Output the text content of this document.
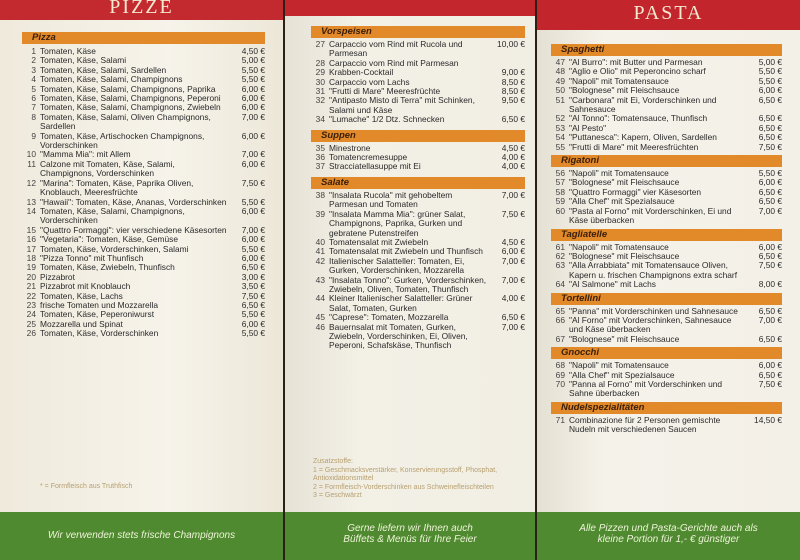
PIZZE
Pizza
1 Tomaten, Käse	4,50 €
2 Tomaten, Käse, Salami	5,00 €
3 Tomaten, Käse, Salami, Sardellen	5,50 €
4 Tomaten, Käse, Salami, Champignons	5,50 €
5 Tomaten, Käse, Salami, Champignons, Paprika	6,00 €
6 Tomaten, Käse, Salami, Champignons, Peperoni	6,00 €
7 Tomaten, Käse, Salami, Champignons, Zwiebeln	6,00 €
8 Tomaten, Käse, Salami, Oliven Champignons, Sardellen
7,00 €
9 Tomaten, Käse, Artischocken Champignons, Vorderschinken
6,00 €
10 "Mamma Mia": mit Allem	7,00 €
11 Calzone mit Tomaten, Käse, Salami, Champignons, Vorderschinken
6,00 €
12 "Marina": Tomaten, Käse, Paprika Oliven, Knoblauch, Meeresfrüchte
7,50 €
13 "Hawaii": Tomaten, Käse, Ananas, Vorderschinken	5,50 €
14 Tomaten, Käse, Salami, Champignons, Vorderschinken
6,00 €
15 "Quattro Formaggi": vier verschiedene Käsesorten	7,00 €
16 "Vegetaria": Tomaten, Käse, Gemüse	6,00 €
17 Tomaten, Käse, Vorderschinken, Salami	5,50 €
18 "Pizza Tonno" mit Thunfisch	6,00 €
19 Tomaten, Käse, Zwiebeln, Thunfisch	6,50 €
20 Pizzabrot	3,00 €
21 Pizzabrot mit Knoblauch	3,50 €
22 Tomaten, Käse, Lachs	7,50 €
23 frische Tomaten und Mozzarella	6,50 €
24 Tomaten, Käse, Peperoniwurst	5,50 €
25 Mozzarella und Spinat	6,00 €
26 Tomaten, Käse, Vorderschinken	5,50 €
* = Formfleisch aus Truthfisch
Wir verwenden stets frische Champignons
Vorspeisen
27 Carpaccio vom Rind mit Rucola und Parmesan
10,00 €
28 Carpaccio vom Rind mit Parmesan
29 Krabben-Cocktail	9,00 €
30 Carpaccio vom Lachs	8,50 €
31 "Frutti di Mare" Meeresfrüchte	8,50 €
32 "Antipasto Misto di Terra" mit Schinken, Salami und Käse
9,50 €
34 "Lumache" 1/2 Dtz. Schnecken	6,50 €
Suppen
35 Minestrone	4,50 €
36 Tomatencremesuppe	4,00 €
37 Stracciatellasuppe mit Ei	4,00 €
Salate
38 "Insalata Rucola" mit gehobeltem Parmesan und Tomaten
7,00 €
39 "Insalata Mamma Mia": grüner Salat, Champignons, Paprika, Gurken und gebratene Putenstreifen
7,50 €
40 Tomatensalat mit Zwiebeln	4,50 €
41 Tomatensalat mit Zwiebeln und Thunfisch	6,00 €
42 Italienischer Salatteller: Tomaten, Ei, Gurken, Vorderschinken, Mozzarella
7,00 €
43 "Insalata Tonno": Gurken, Vorderschinken, Zwiebeln, Oliven, Tomaten, Thunfisch
7,00 €
44 Kleiner Italienischer Salatteller: Grüner Salat, Tomaten, Gurken
4,00 €
45 "Caprese": Tomaten, Mozzarella	6,50 €
46 Bauernsalat mit Tomaten, Gurken, Zwiebeln, Vorderschinken, Ei, Oliven, Peperoni, Schafskäse, Thunfisch
7,00 €
Zusatzstoffe:
1 = Geschmacksverstärker, Konservierungsstoff, Phosphat,
Antioxidationsmittel
2 = Formfleisch-Vorderschinken aus Schweinefleischteilen
3 = Geschwärzt
Gerne liefern wir Ihnen auch
Büffets & Menüs für Ihre Feier
PASTA
Spaghetti
47 "Al Burro": mit Butter und Parmesan	5,00 €
48 "Aglio e Olio" mit Peperoncino scharf	5,50 €
49 "Napoli" mit Tomatensauce	5,50 €
50 "Bolognese" mit Fleischsauce	6,00 €
51 "Carbonara" mit Ei, Vorderschinken und Sahnesauce
6,50 €
52 "Al Tonno": Tomatensauce, Thunfisch	6,50 €
53 "Al Pesto"	6,50 €
54 "Puttanesca": Kapern, Oliven, Sardellen	6,50 €
55 "Frutti di Mare" mit Meeresfrüchten	7,50 €
Rigatoni
56 "Napoli" mit Tomatensauce	5,50 €
57 "Bolognese" mit Fleischsauce	6,00 €
58 "Quattro Formaggi" vier Käsesorten	6,50 €
59 "Alla Chef" mit Spezialsauce	6,50 €
60 "Pasta al Forno" mit Vorderschinken, Ei und Käse überbacken
7,00 €
Tagliatelle
61 "Napoli" mit Tomatensauce	6,00 €
62 "Bolognese" mit Fleischsauce	6,50 €
63 "Alla Arrabbiata" mit Tomatensauce Oliven, Kapern u. frischen Champignons extra scharf
7,50 €
64 "Al Salmone" mit Lachs	8,00 €
Tortellini
65 "Panna" mit Vorderschinken und Sahnesauce	6,50 €
66 "Al Forno" mit Vorderschinken, Sahnesauce und Käse überbacken
7,00 €
67 "Bolognese" mit Fleischsauce	6,50 €
Gnocchi
68 "Napoli" mit Tomatensauce	6,00 €
69 "Alla Chef" mit Spezialsauce	6,50 €
70 "Panna al Forno" mit Vorderschinken und Sahne überbacken
7,50 €
Nudelspezialitäten
71 Combinazione für 2 Personen gemischte Nudeln mit verschiedenen Saucen
14,50 €
Alle Pizzen und Pasta-Gerichte auch als
kleine Portion für 1,- € günstiger
